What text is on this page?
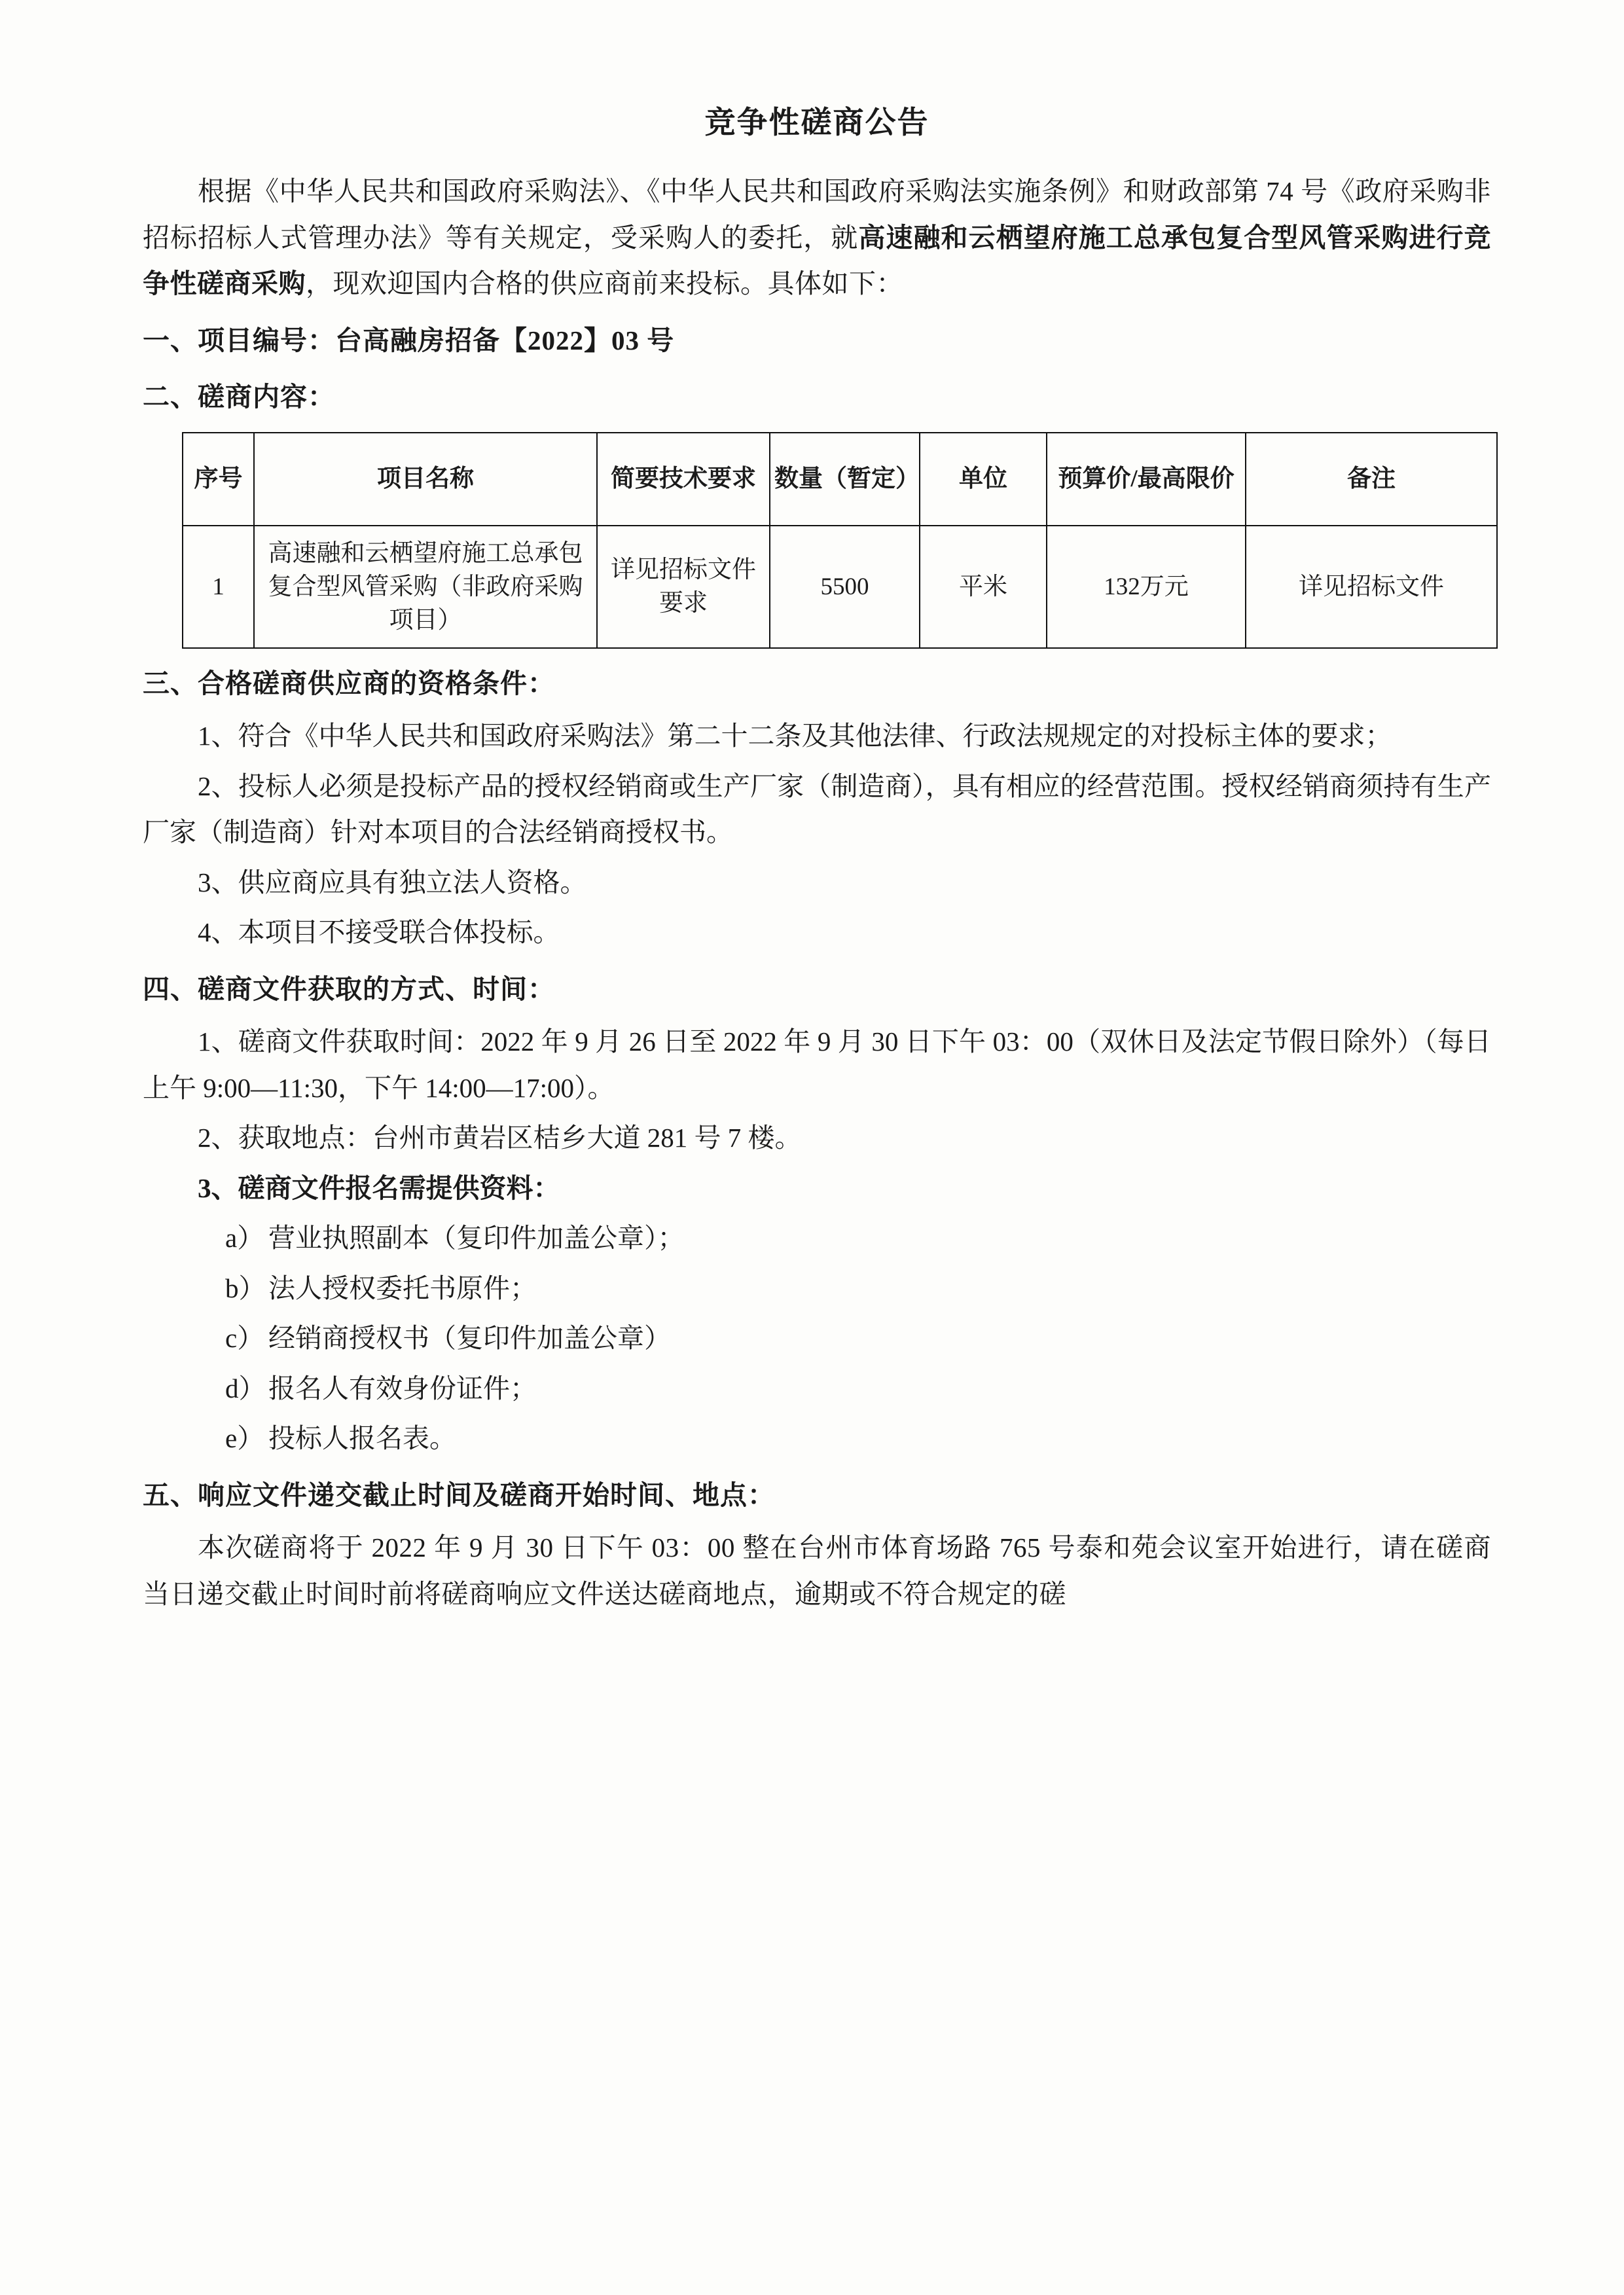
竞争性磋商公告

根据《中华人民共和国政府采购法》、《中华人民共和国政府采购法实施条例》和财政部第 74 号《政府采购非招标招标人式管理办法》等有关规定，受采购人的委托，就高速融和云栖望府施工总承包复合型风管采购进行竞争性磋商采购，现欢迎国内合格的供应商前来投标。具体如下：

一、项目编号：台高融房招备【2022】03 号
二、磋商内容：
序号	项目名称	简要技术要求	数量（暂定）	单位	预算价/最高限价	备注
1	高速融和云栖望府施工总承包复合型风管采购（非政府采购项目）	详见招标文件要求	5500	平米	132万元	详见招标文件
三、合格磋商供应商的资格条件：

1、符合《中华人民共和国政府采购法》第二十二条及其他法律、行政法规规定的对投标主体的要求；

2、投标人必须是投标产品的授权经销商或生产厂家（制造商），具有相应的经营范围。授权经销商须持有生产厂家（制造商）针对本项目的合法经销商授权书。

3、供应商应具有独立法人资格。

4、本项目不接受联合体投标。

四、磋商文件获取的方式、时间：

1、磋商文件获取时间：2022 年 9 月 26 日至 2022 年 9 月 30 日下午 03：00（双休日及法定节假日除外）（每日上午 9:00—11:30，下午 14:00—17:00）。

2、获取地点：台州市黄岩区桔乡大道 281 号 7 楼。

3、磋商文件报名需提供资料：

a） 营业执照副本（复印件加盖公章）；

b） 法人授权委托书原件；

c） 经销商授权书（复印件加盖公章）

d） 报名人有效身份证件；

e） 投标人报名表。

五、响应文件递交截止时间及磋商开始时间、地点：

本次磋商将于 2022 年 9 月 30 日下午 03：00 整在台州市体育场路 765 号泰和苑会议室开始进行，请在磋商当日递交截止时间时前将磋商响应文件送达磋商地点，逾期或不符合规定的磋
